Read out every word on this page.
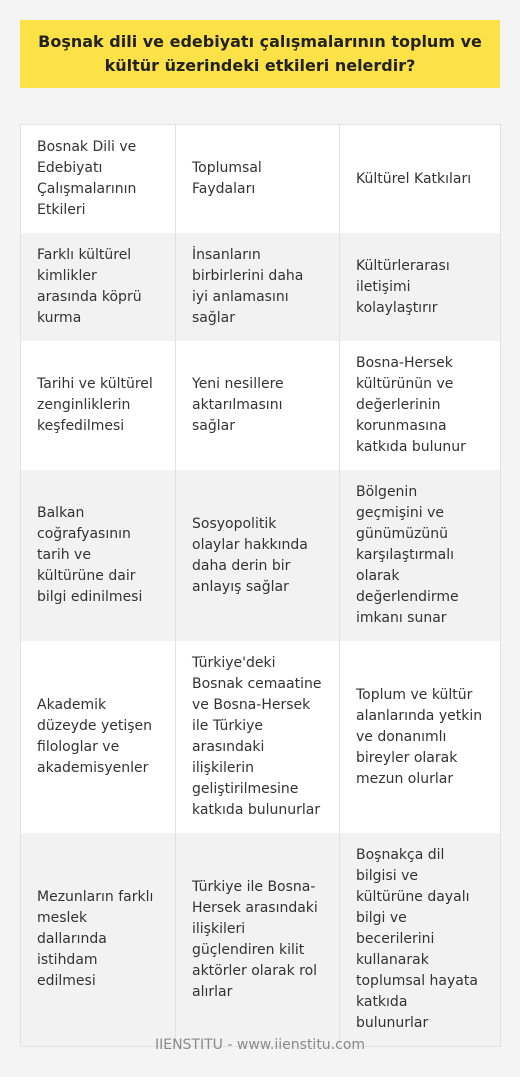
Boşnak dili ve edebiyatı çalışmalarının toplum ve kültür üzerindeki etkileri nelerdir?
Bosnak Dili ve Edebiyatı Çalışmalarının Etkileri	Toplumsal Faydaları	Kültürel Katkıları
Farklı kültürel kimlikler arasında köprü kurma	İnsanların birbirlerini daha iyi anlamasını sağlar	Kültürlerarası iletişimi kolaylaştırır
Tarihi ve kültürel zenginliklerin keşfedilmesi	Yeni nesillere aktarılmasını sağlar	Bosna-Hersek kültürünün ve değerlerinin korunmasına katkıda bulunur
Balkan coğrafyasının tarih ve kültürüne dair bilgi edinilmesi	Sosyopolitik olaylar hakkında daha derin bir anlayış sağlar	Bölgenin geçmişini ve günümüzünü karşılaştırmalı olarak değerlendirme imkanı sunar
Akademik düzeyde yetişen filologlar ve akademisyenler	Türkiye'deki Bosnak cemaatine ve Bosna-Hersek ile Türkiye arasındaki ilişkilerin geliştirilmesine katkıda bulunurlar	Toplum ve kültür alanlarında yetkin ve donanımlı bireyler olarak mezun olurlar
Mezunların farklı meslek dallarında istihdam edilmesi	Türkiye ile Bosna-Hersek arasındaki ilişkileri güçlendiren kilit aktörler olarak rol alırlar	Boşnakça dil bilgisi ve kültürüne dayalı bilgi ve becerilerini kullanarak toplumsal hayata katkıda bulunurlar
IIENSTITU - www.iienstitu.com
